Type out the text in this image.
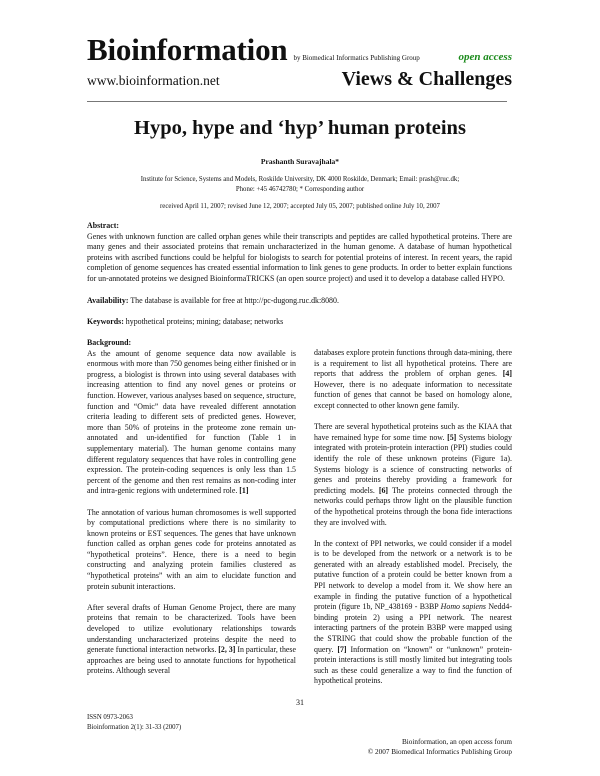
Bioinformation by Biomedical Informatics Publishing Group	open access
www.bioinformation.net	Views & Challenges
Hypo, hype and ‘hyp’ human proteins
Prashanth Suravajhala*
Institute for Science, Systems and Models, Roskilde University, DK 4000 Roskilde, Denmark; Email: prash@ruc.dk;
Phone: +45 46742780; * Corresponding author
received April 11, 2007; revised June 12, 2007; accepted July 05, 2007; published online July 10, 2007
Abstract:
Genes with unknown function are called orphan genes while their transcripts and peptides are called hypothetical proteins. There are many genes and their associated proteins that remain uncharacterized in the human genome. A database of human hypothetical proteins with ascribed functions could be helpful for biologists to search for potential proteins of interest. In recent years, the rapid completion of genome sequences has created essential information to link genes to gene products. In order to better explain functions for un-annotated proteins we designed BioinformaTRICKS (an open source project) and used it to develop a database called HYPO.
Availability: The database is available for free at http://pc-dugong.ruc.dk:8080.
Keywords: hypothetical proteins; mining; database; networks
Background:

As the amount of genome sequence data now available is enormous with more than 750 genomes being either finished or in progress, a biologist is thrown into using several databases with increasing attention to find any novel genes or proteins or function. However, various analyses based on sequence, structure, function and “Omic” data have revealed different annotation criteria leading to different sets of predicted genes. However, more than 50% of proteins in the proteome zone remain un-annotated and un-identified for function (Table 1 in supplementary material). The human genome contains many different regulatory sequences that have roles in controlling gene expression. The protein-coding sequences is only less than 1.5 percent of the genome and then rest remains as non-coding inter and intra-genic regions with undetermined role. [1]

The annotation of various human chromosomes is well supported by computational predictions where there is no similarity to known proteins or EST sequences. The genes that have unknown function called as orphan genes code for proteins annotated as “hypothetical proteins”. Hence, there is a need to begin constructing and analyzing protein families clustered as “hypothetical proteins” with an aim to elucidate function and protein subunit interactions.

After several drafts of Human Genome Project, there are many proteins that remain to be characterized. Tools have been developed to utilize evolutionary relationships towards understanding uncharacterized proteins despite the need to generate functional interaction networks. [2, 3] In particular, these approaches are being used to annotate functions for hypothetical proteins. Although several

databases explore protein functions through data-mining, there is a requirement to list all hypothetical proteins. There are reports that address the problem of orphan genes. [4] However, there is no adequate information to necessitate function of genes that cannot be based on homology alone, except connected to other known gene family.

There are several hypothetical proteins such as the KIAA that have remained hype for some time now. [5] Systems biology integrated with protein-protein interaction (PPI) studies could identify the role of these unknown proteins (Figure 1a). Systems biology is a science of constructing networks of genes and proteins thereby providing a framework for predicting models. [6] The proteins connected through the networks could perhaps throw light on the plausible function of the hypothetical proteins through the bona fide interactions they are involved with.

In the context of PPI networks, we could consider if a model is to be developed from the network or a network is to be generated with an already established model. Precisely, the putative function of a protein could be better known from a PPI network to develop a model from it. We show here an example in finding the putative function of a hypothetical protein (figure 1b, NP_438169 - B3BP Homo sapiens Nedd4-binding protein 2) using a PPI network. The nearest interacting partners of the protein B3BP were mapped using the STRING that could show the probable function of the query. [7] Information on “known” or “unknown” protein-protein interactions is still mostly limited but integrating tools such as these could generalize a way to find the function of hypothetical proteins.

31
ISSN 0973-2063
Bioinformation 2(1): 31-33 (2007)
Bioinformation, an open access forum
© 2007 Biomedical Informatics Publishing Group
